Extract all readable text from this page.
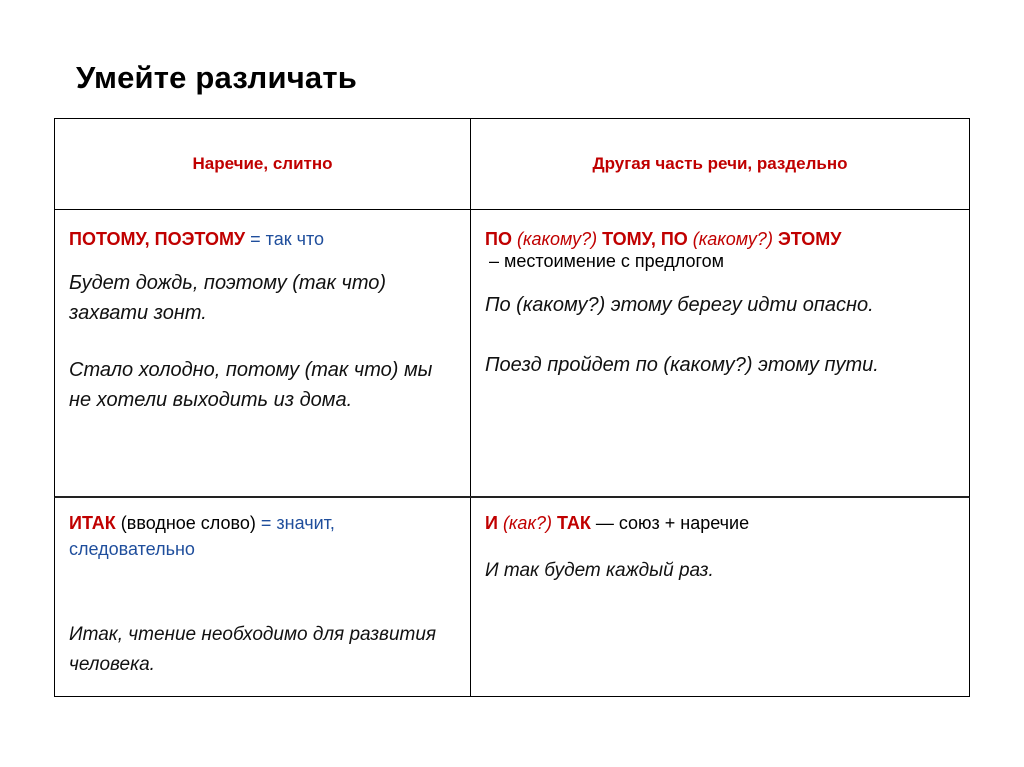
Умейте различать
Наречие, слитно	Другая часть речи, раздельно
ПОТОМУ, ПОЭТОМУ = так что
Будет дождь, поэтому (так что) захвати зонт.
Стало холодно, потому (так что) мы не хотели выходить из дома.
ПО (какому?) ТОМУ, ПО (какому?) ЭТОМУ
– местоимение с предлогом
По (какому?) этому берегу идти опасно.
Поезд пройдет по (какому?) этому пути.
ИТАК (вводное слово) = значит, следовательно
Итак, чтение необходимо для развития человека.
И (как?) ТАК — союз + наречие
И так будет каждый раз.
